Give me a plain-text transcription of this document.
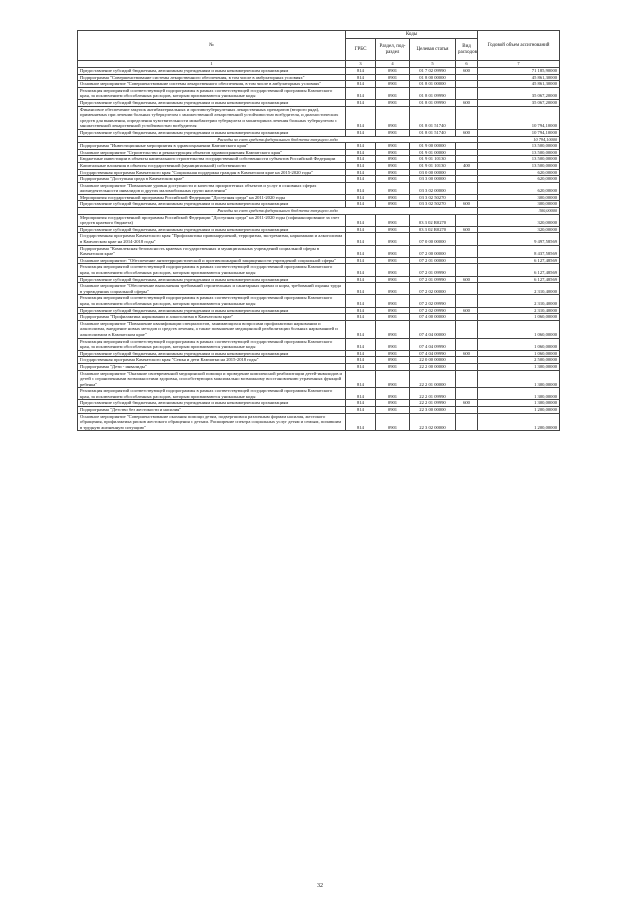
№	Коды				Годовой объем ассигнований
	ГРБС	Раздел, под-раздел	Целевая статья	Вид расходов	
1	3	4	5	6	7
Предоставление субсидий бюджетным, автономным учреждениям и иным некоммерческим организациям	814	0901	01 7 02 09990	600	71 185,90000
Подпрограмма "Совершенствование системы лекарственного обеспечения, в том числе в амбулаторных условиях"	814	0901	01 8 00 00000		45 861,30000
Основное мероприятие "Совершенствование системы лекарственного обеспечения, в том числе в амбулаторных условиях"	814	0901	01 8 01 00000		45 861,30000
Реализация мероприятий соответствующей подпрограммы в рамках соответствующей государственной программы Камчатского края, за исключением обособленных расходов, которым присваиваются уникальные коды	814	0901	01 8 01 09990		35 067,20000
Предоставление субсидий бюджетным, автономным учреждениям и иным некоммерческим организациям	814	0901	01 8 01 09990	600	35 067,20000
Финансовое обеспечение закупок антибактериальных и противотуберкулезных лекарственных препаратов (второго ряда), применяемых при лечении больных туберкулезом с множественной лекарственной устойчивостью возбудителя, и диагностических средств для выявления, определения чувствительности микобактерии туберкулеза и мониторинга лечения больных туберкулезом с множественной лекарственной устойчивостью возбудителя	814	0901	01 8 01 51740		10 794,10000
Предоставление субсидий бюджетным, автономным учреждениям и иным некоммерческим организациям	814	0901	01 8 01 51740	600	10 794,10000
Расходы за счет средств федерального бюджета текущего года					10 794,10000
Подпрограмма "Инвестиционные мероприятия в здравоохранении Камчатского края"	814	0901	01 9 00 00000		13 500,00000
Основное мероприятие "Строительство и реконструкция объектов здравоохранения Камчатского края"	814	0901	01 9 01 00000		13 500,00000
Бюджетные инвестиции в объекты капитального строительства государственной собственности субъектов Российской Федерации	814	0901	01 9 01 10130		13 500,00000
Капитальные вложения в объекты государственной (муниципальной) собственности	814	0901	01 9 01 10130	400	13 500,00000
Государственная программа Камчатского края "Социальная поддержка граждан в Камчатском крае на 2015-2020 годы"	814	0901	03 0 00 00000		620,00000
Подпрограмма "Доступная среда в Камчатском крае"	814	0901	03 3 00 00000		620,00000
Основное мероприятие "Повышение уровня доступности и качества приоритетных объектов и услуг в основных сферах жизнедеятельности инвалидов и других маломобильных групп населения"	814	0901	03 3 02 00000		620,00000
Мероприятия государственной программы Российской Федерации "Доступная среда" на 2011-2020 годы	814	0901	03 3 02 50270		300,00000
Предоставление субсидий бюджетным, автономным учреждениям и иным некоммерческим организациям	814	0901	03 3 02 50270	600	300,00000
Расходы за счет средств федерального бюджета текущего года					300,00000
Мероприятия государственной программы Российской Федерации "Доступная среда" на 2011-2020 годы (софинансирование за счет средств краевого бюджета)	814	0901	03 3 02 R0270		320,00000
Предоставление субсидий бюджетным, автономным учреждениям и иным некоммерческим организациям	814	0901	03 3 02 R0270	600	320,00000
Государственная программа Камчатского края "Профилактика правонарушений, терроризма, экстремизма, наркомании и алкоголизма в Камчатском крае на 2014-2018 годы"	814	0901	07 0 00 00000		9 497,58569
Подпрограмма "Комплексная безопасность краевых государственных и муниципальных учреждений социальной сферы в Камчатском крае"	814	0901	07 2 00 00000		8 437,58569
Основное мероприятие: "Обеспечение антитеррористической и противопожарной защищенности учреждений социальной сферы"	814	0901	07 2 01 00000		6 127,48569
Реализация мероприятий соответствующей подпрограммы в рамках соответствующей государственной программы Камчатского края, за исключением обособленных расходов, которым присваиваются уникальные коды	814	0901	07 2 01 09990		6 127,48569
Предоставление субсидий бюджетным, автономным учреждениям и иным некоммерческим организациям	814	0901	07 2 01 09990	600	6 127,48569
Основное мероприятие "Обеспечение выполнения требований строительных и санитарных правил и норм, требований охраны труда в учреждениях социальной сферы"	814	0901	07 2 02 00000		2 310,40000
Реализация мероприятий соответствующей подпрограммы в рамках соответствующей государственной программы Камчатского края, за исключением обособленных расходов, которым присваиваются уникальные коды	814	0901	07 2 02 09990		2 310,40000
Предоставление субсидий бюджетным, автономным учреждениям и иным некоммерческим организациям	814	0901	07 2 02 09990	600	2 310,40000
Подпрограмма "Профилактика наркомании и алкоголизма в Камчатском крае"	814	0901	07 4 00 00000		1 060,00000
Основное мероприятие "Повышение квалификации специалистов, занимающихся вопросами профилактики наркомании и алкоголизма, внедрение новых методов и средств лечения, а также повышение медицинской реабилитации больных наркоманией и алкоголизмом в Камчатском крае"	814	0901	07 4 04 00000		1 060,00000
Реализация мероприятий соответствующей подпрограммы в рамках соответствующей государственной программы Камчатского края, за исключением обособленных расходов, которым присваиваются уникальные коды	814	0901	07 4 04 09990		1 060,00000
Предоставление субсидий бюджетным, автономным учреждениям и иным некоммерческим организациям	814	0901	07 4 04 09990	600	1 060,00000
Государственная программа Камчатского края "Семья и дети Камчатки на 2015-2018 годы"	814	0901	22 0 00 00000		2 500,00000
Подпрограмма "Дети - инвалиды"	814	0901	22 2 00 00000		1 300,00000
Основное мероприятие "Оказание своевременной медицинской помощи и проведение комплексной реабилитации детей-инвалидов и детей с ограниченными возможностями здоровья, способствующих максимально возможному восстановлению утраченных функций ребенка"	814	0901	22 2 01 00000		1 300,00000
Реализация мероприятий соответствующей подпрограммы в рамках соответствующей государственной программы Камчатского края, за исключением обособленных расходов, которым присваиваются уникальные коды	814	0901	22 2 01 09990		1 300,00000
Предоставление субсидий бюджетным, автономным учреждениям и иным некоммерческим организациям	814	0901	22 2 01 09990	600	1 300,00000
Подпрограмма "Детство без жестокости и насилия"	814	0901	22 3 00 00000		1 200,00000
Основное мероприятие "Совершенствование оказания помощи детям, подвергшимся различным формам насилия, жестокого обращения, профилактика рисков жестокого обращения с детьми. Расширение спектра социальных услуг детям и семьям, попавшим в трудную жизненную ситуацию"	814	0901	22 3 02 00000		1 200,00000
32
